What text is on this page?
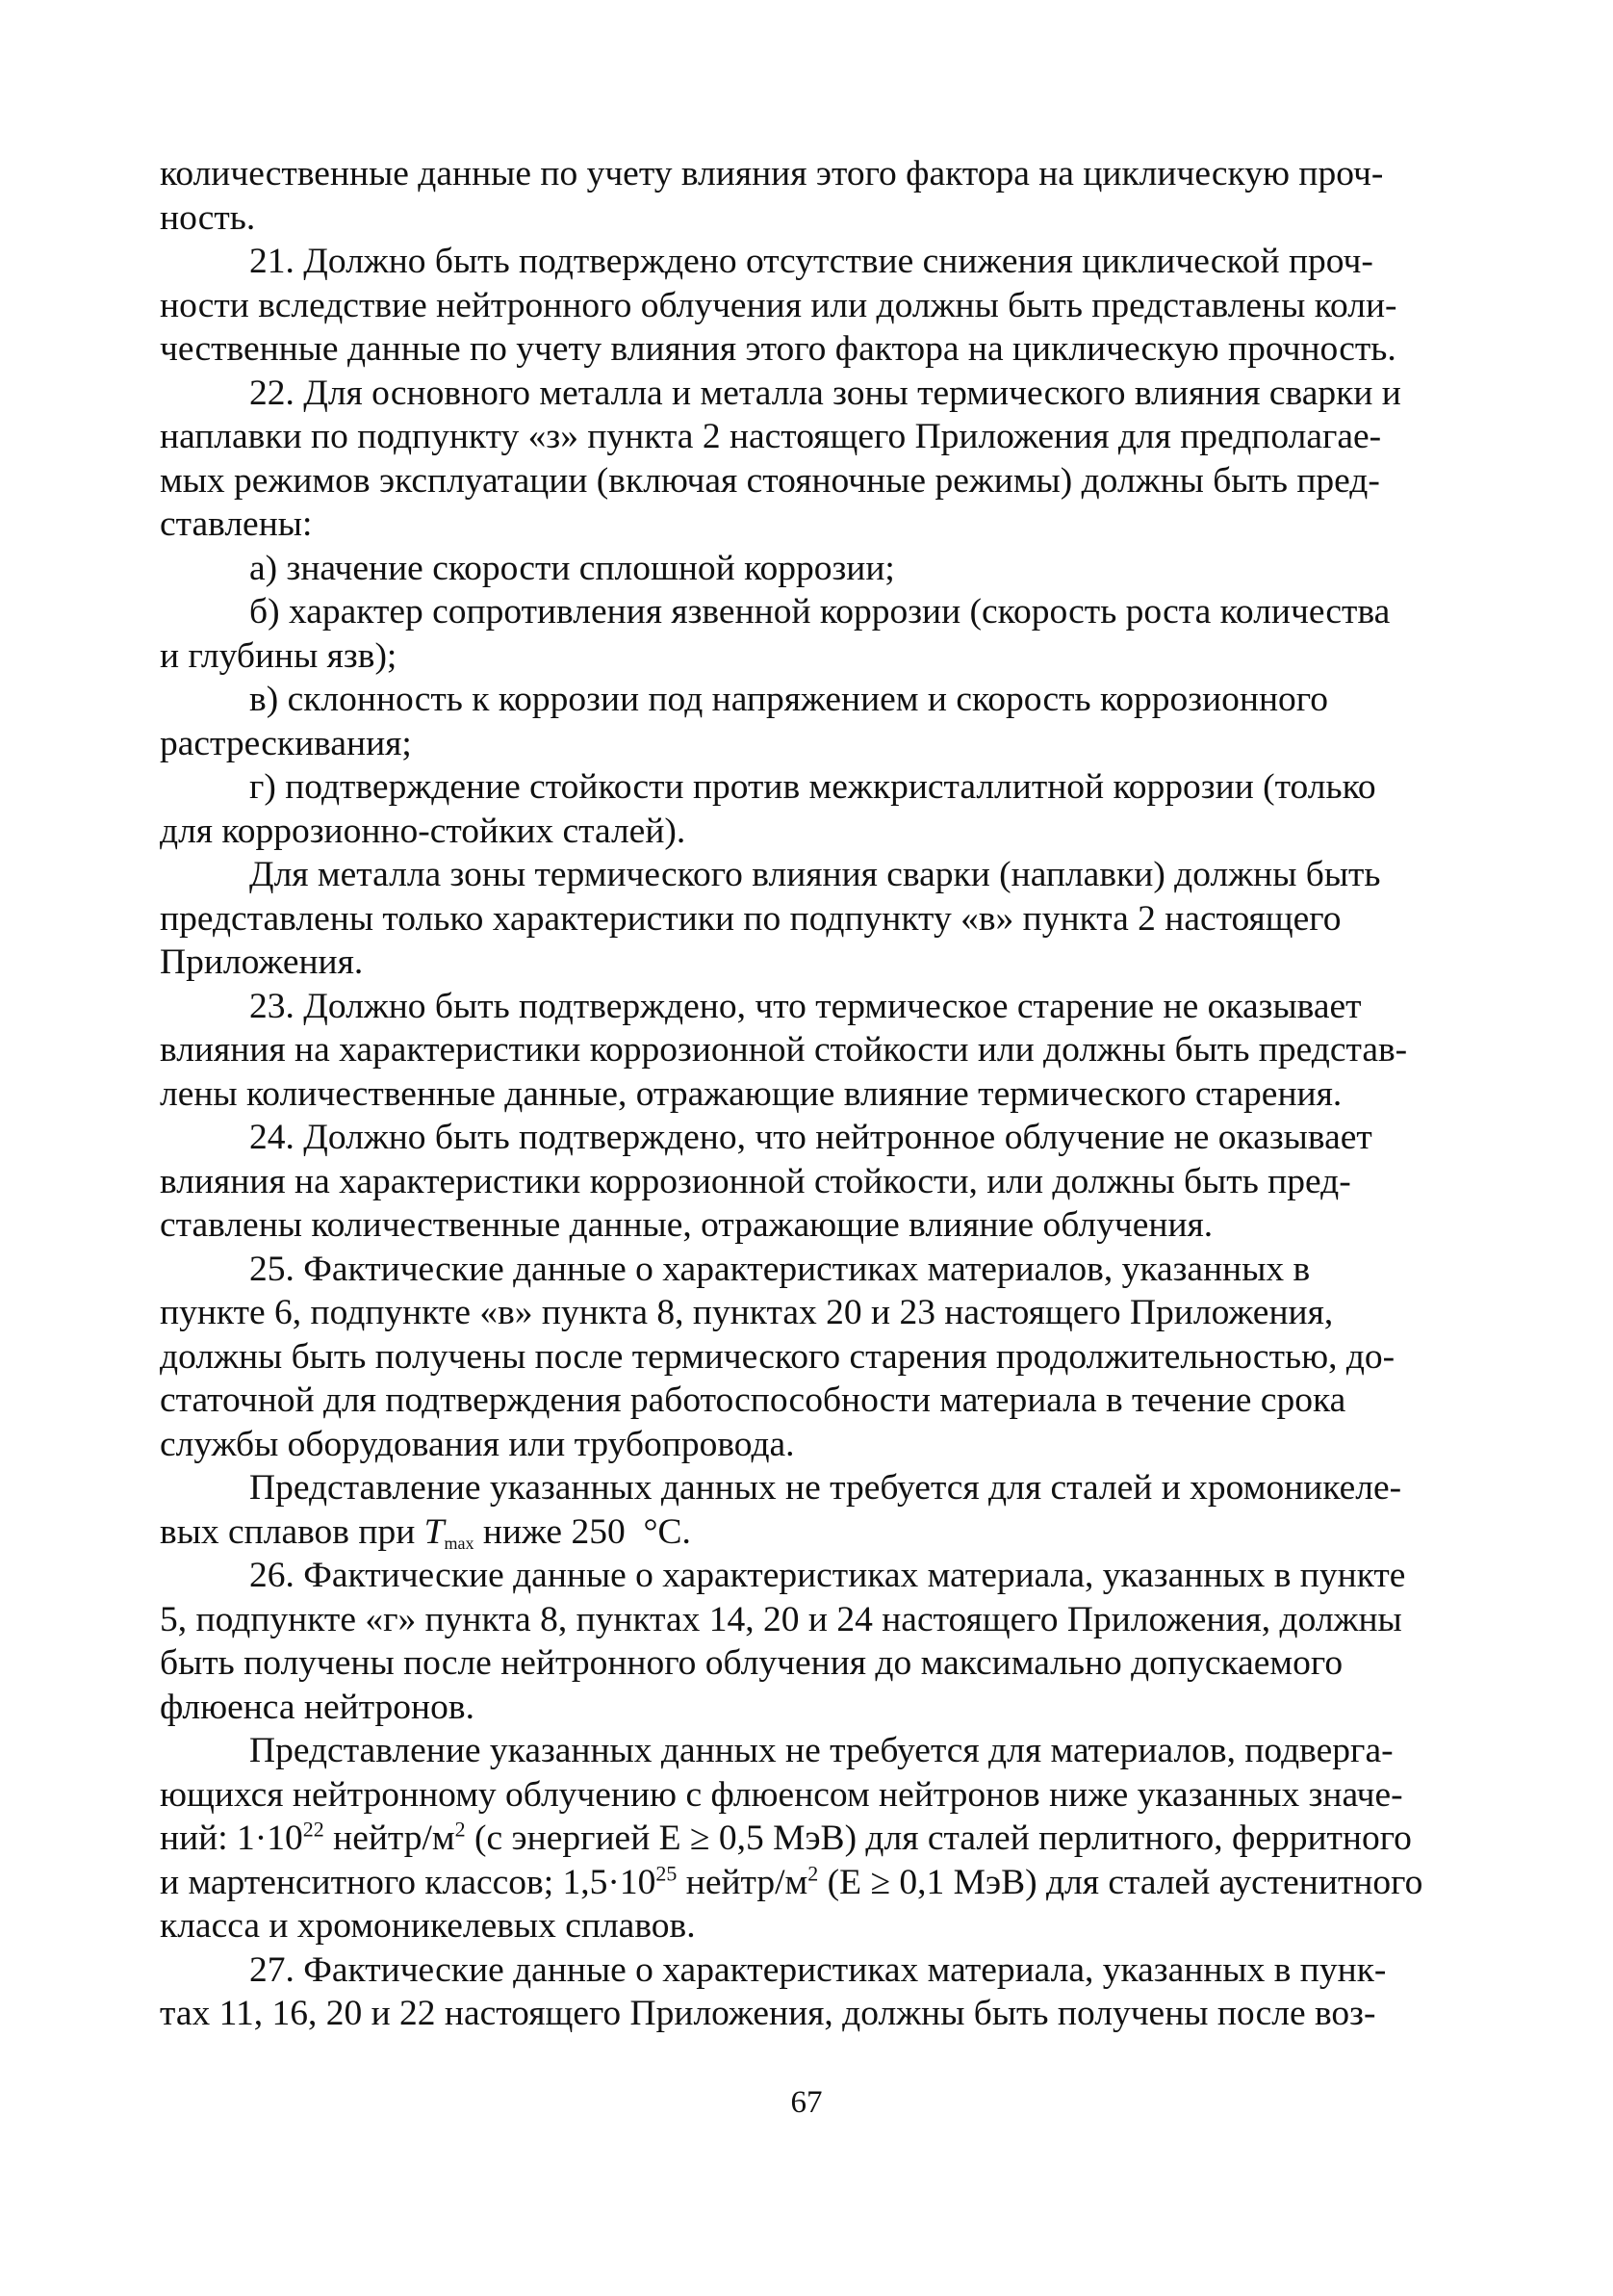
количественные данные по учету влияния этого фактора на циклическую проч-
ность.

21. Должно быть подтверждено отсутствие снижения циклической проч-
ности вследствие нейтронного облучения или должны быть представлены коли-
чественные данные по учету влияния этого фактора на циклическую прочность.

22. Для основного металла и металла зоны термического влияния сварки и
наплавки по подпункту «з» пункта 2 настоящего Приложения для предполагае-
мых режимов эксплуатации (включая стояночные режимы) должны быть пред-
ставлены:

а) значение скорости сплошной коррозии;

б) характер сопротивления язвенной коррозии (скорость роста количества
и глубины язв);

в) склонность к коррозии под напряжением и скорость коррозионного
растрескивания;

г) подтверждение стойкости против межкристаллитной коррозии (только
для коррозионно-стойких сталей).

Для металла зоны термического влияния сварки (наплавки) должны быть
представлены только характеристики по подпункту «в» пункта 2 настоящего
Приложения.

23. Должно быть подтверждено, что термическое старение не оказывает
влияния на характеристики коррозионной стойкости или должны быть представ-
лены количественные данные, отражающие влияние термического старения.

24. Должно быть подтверждено, что нейтронное облучение не оказывает
влияния на характеристики коррозионной стойкости, или должны быть пред-
ставлены количественные данные, отражающие влияние облучения.

25. Фактические данные о характеристиках материалов, указанных в
пункте 6, подпункте «в» пункта 8, пунктах 20 и 23 настоящего Приложения,
должны быть получены после термического старения продолжительностью, до-
статочной для подтверждения работоспособности материала в течение срока
службы оборудования или трубопровода.

Представление указанных данных не требуется для сталей и хромоникеле-
вых сплавов при $T_{max}$ ниже 250  °С.

26. Фактические данные о характеристиках материала, указанных в пункте
5, подпункте «г» пункта 8, пунктах 14, 20 и 24 настоящего Приложения, должны
быть получены после нейтронного облучения до максимально допускаемого
флюенса нейтронов.

Представление указанных данных не требуется для материалов, подверга-
ющихся нейтронному облучению с флюенсом нейтронов ниже указанных значе-
ний: $1\cdot 10^{22}$ нейтр/$м^2$ (с энергией Е ≥ 0,5 МэВ) для сталей перлитного, ферритного
и мартенситного классов; $1,5\cdot 10^{25}$ нейтр/$м^2$ (Е ≥ 0,1 МэВ) для сталей аустенитного
класса и хромоникелевых сплавов.

27. Фактические данные о характеристиках материала, указанных в пунк-
тах 11, 16, 20 и 22 настоящего Приложения, должны быть получены после воз-

67
